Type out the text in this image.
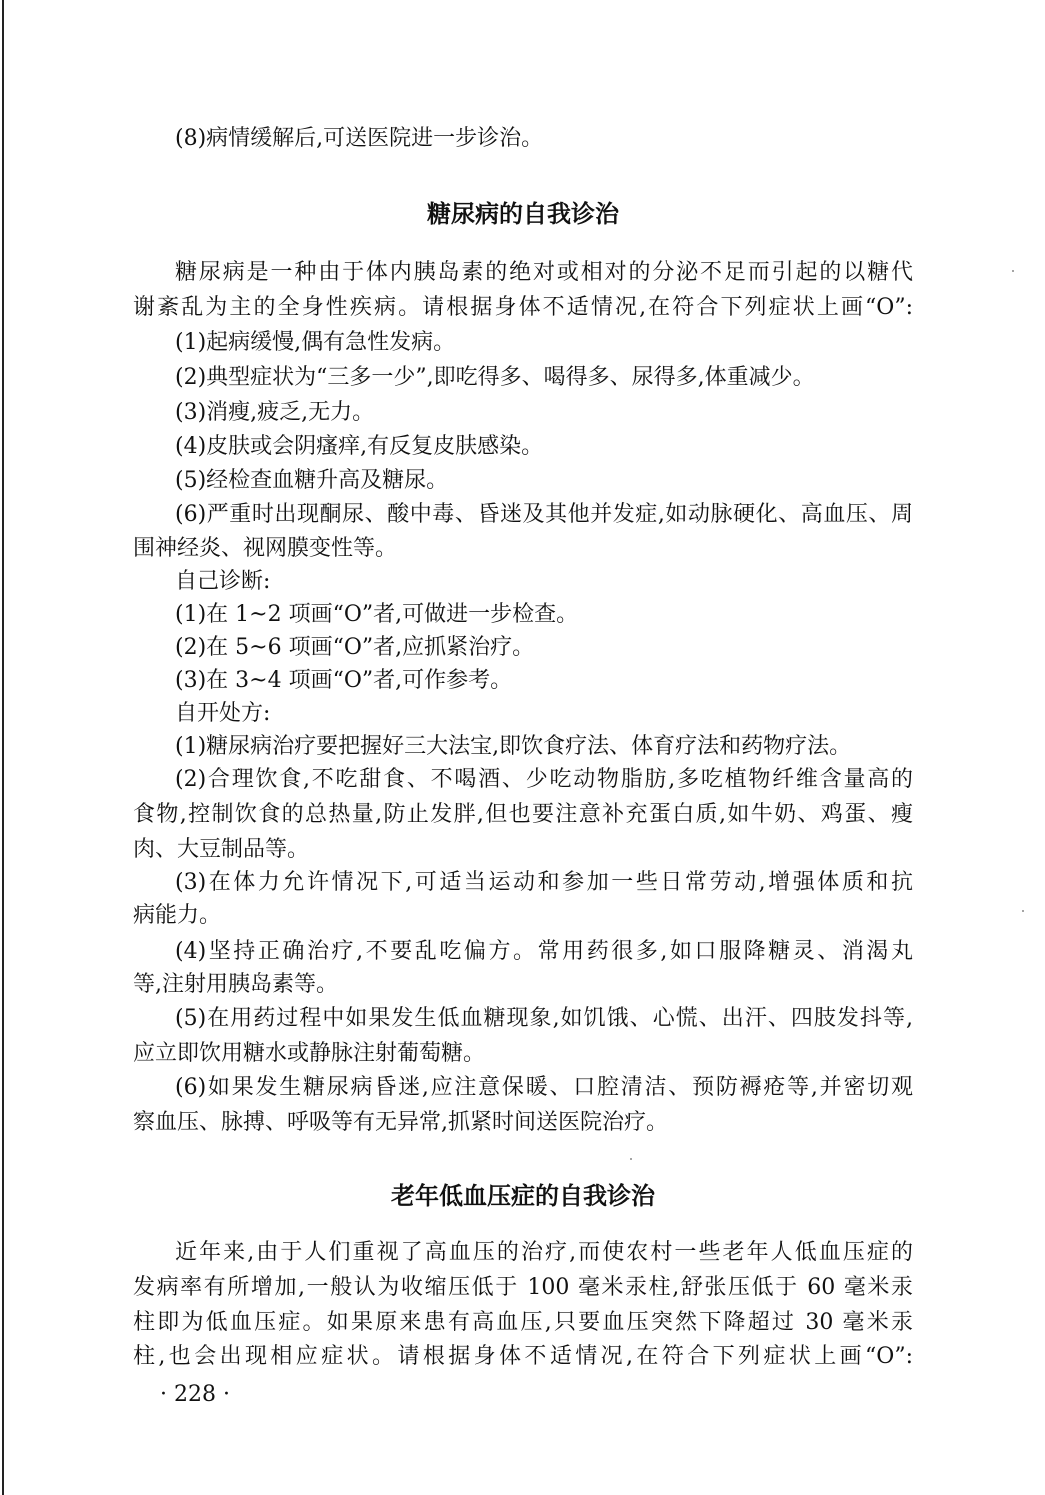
(8)病情缓解后,可送医院进一步诊治。
糖尿病的自我诊治
糖尿病是一种由于体内胰岛素的绝对或相对的分泌不足而引起的以糖代
谢紊乱为主的全身性疾病。请根据身体不适情况,在符合下列症状上画“O”:
(1)起病缓慢,偶有急性发病。
(2)典型症状为“三多一少”,即吃得多、喝得多、尿得多,体重减少。
(3)消瘦,疲乏,无力。
(4)皮肤或会阴瘙痒,有反复皮肤感染。
(5)经检查血糖升高及糖尿。
(6)严重时出现酮尿、酸中毒、昏迷及其他并发症,如动脉硬化、高血压、周
围神经炎、视网膜变性等。
自己诊断:
(1)在 1~2 项画“O”者,可做进一步检查。
(2)在 5~6 项画“O”者,应抓紧治疗。
(3)在 3~4 项画“O”者,可作参考。
自开处方:
(1)糖尿病治疗要把握好三大法宝,即饮食疗法、体育疗法和药物疗法。
(2)合理饮食,不吃甜食、不喝酒、少吃动物脂肪,多吃植物纤维含量高的
食物,控制饮食的总热量,防止发胖,但也要注意补充蛋白质,如牛奶、鸡蛋、瘦
肉、大豆制品等。
(3)在体力允许情况下,可适当运动和参加一些日常劳动,增强体质和抗
病能力。
(4)坚持正确治疗,不要乱吃偏方。常用药很多,如口服降糖灵、消渴丸
等,注射用胰岛素等。
(5)在用药过程中如果发生低血糖现象,如饥饿、心慌、出汗、四肢发抖等,
应立即饮用糖水或静脉注射葡萄糖。
(6)如果发生糖尿病昏迷,应注意保暖、口腔清洁、预防褥疮等,并密切观
察血压、脉搏、呼吸等有无异常,抓紧时间送医院治疗。
老年低血压症的自我诊治
近年来,由于人们重视了高血压的治疗,而使农村一些老年人低血压症的
发病率有所增加,一般认为收缩压低于 100 毫米汞柱,舒张压低于 60 毫米汞
柱即为低血压症。如果原来患有高血压,只要血压突然下降超过 30 毫米汞
柱,也会出现相应症状。请根据身体不适情况,在符合下列症状上画“O”:
· 228 ·
